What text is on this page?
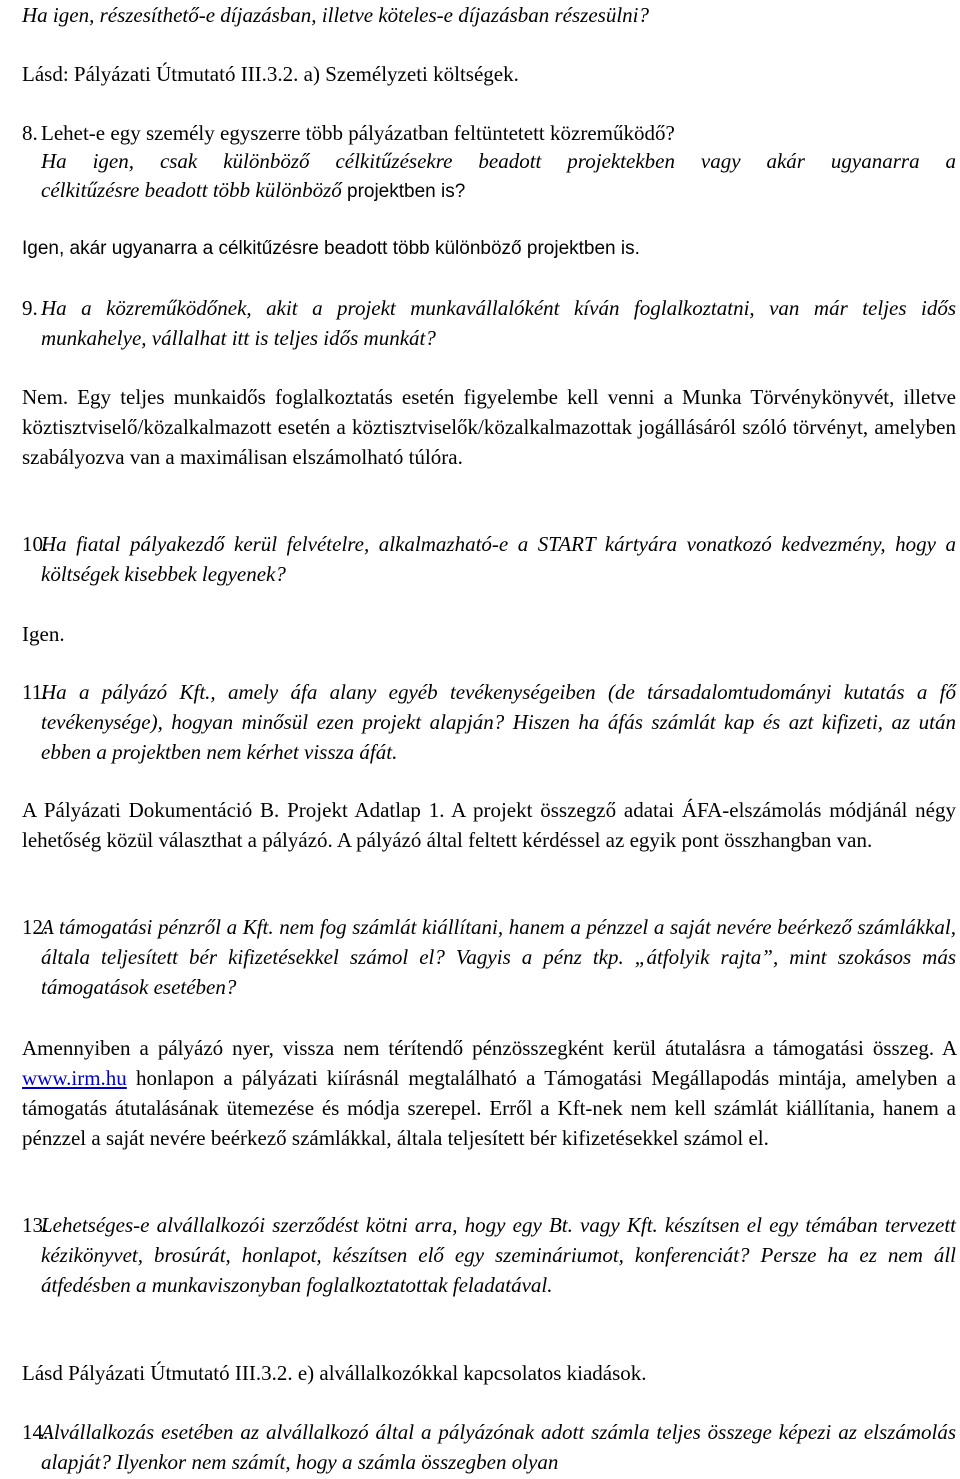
Ha igen, részesíthető-e díjazásban, illetve köteles-e díjazásban részesülni?
Lásd: Pályázati Útmutató III.3.2. a) Személyzeti költségek.
8. Lehet-e egy személy egyszerre több pályázatban feltüntetett közreműködő?
Ha igen, csak különböző célkitűzésekre beadott projektekben vagy akár ugyanarra a
célkitűzésre beadott több különböző projektben is?
Igen, akár ugyanarra a célkitűzésre beadott több különböző projektben is.
9. Ha a közreműködőnek, akit a projekt munkavállalóként kíván foglalkoztatni, van már teljes idős munkahelye, vállalhat itt is teljes idős munkát?
Nem. Egy teljes munkaidős foglalkoztatás esetén figyelembe kell venni a Munka Törvénykönyvét, illetve köztisztviselő/közalkalmazott esetén a köztisztviselők/közalkalmazottak jogállásáról szóló törvényt, amelyben szabályozva van a maximálisan elszámolható túlóra.
10.
Ha fiatal pályakezdő kerül felvételre, alkalmazható-e a START kártyára vonatkozó kedvezmény, hogy a költségek kisebbek legyenek?
Igen.
11.
Ha a pályázó Kft., amely áfa alany egyéb tevékenységeiben (de társadalomtudományi kutatás a fő tevékenysége), hogyan minősül ezen projekt alapján? Hiszen ha áfás számlát kap és azt kifizeti, az után ebben a projektben nem kérhet vissza áfát.
A Pályázati Dokumentáció B. Projekt Adatlap 1. A projekt összegző adatai ÁFA-elszámolás módjánál négy lehetőség közül választhat a pályázó. A pályázó által feltett kérdéssel az egyik pont összhangban van.
12.
A támogatási pénzről a Kft. nem fog számlát kiállítani, hanem a pénzzel a saját nevére beérkező számlákkal, általa teljesített bér kifizetésekkel számol el? Vagyis a pénz tkp. „átfolyik rajta”, mint szokásos más támogatások esetében?
Amennyiben a pályázó nyer, vissza nem térítendő pénzösszegként kerül átutalásra a támogatási összeg. A www.irm.hu honlapon a pályázati kiírásnál megtalálható a Támogatási Megállapodás mintája, amelyben a támogatás átutalásának ütemezése és módja szerepel. Erről a Kft-nek nem kell számlát kiállítania, hanem a pénzzel a saját nevére beérkező számlákkal, általa teljesített bér kifizetésekkel számol el.
13.
Lehetséges-e alvállalkozói szerződést kötni arra, hogy egy Bt. vagy Kft. készítsen el egy témában tervezett kézikönyvet, brosúrát, honlapot, készítsen elő egy szemináriumot, konferenciát? Persze ha ez nem áll átfedésben a munkaviszonyban foglalkoztatottak feladatával.
Lásd Pályázati Útmutató III.3.2. e) alvállalkozókkal kapcsolatos kiadások.
14.
Alvállalkozás esetében az alvállalkozó által a pályázónak adott számla teljes összege képezi az elszámolás alapját? Ilyenkor nem számít, hogy a számla összegben olyan
